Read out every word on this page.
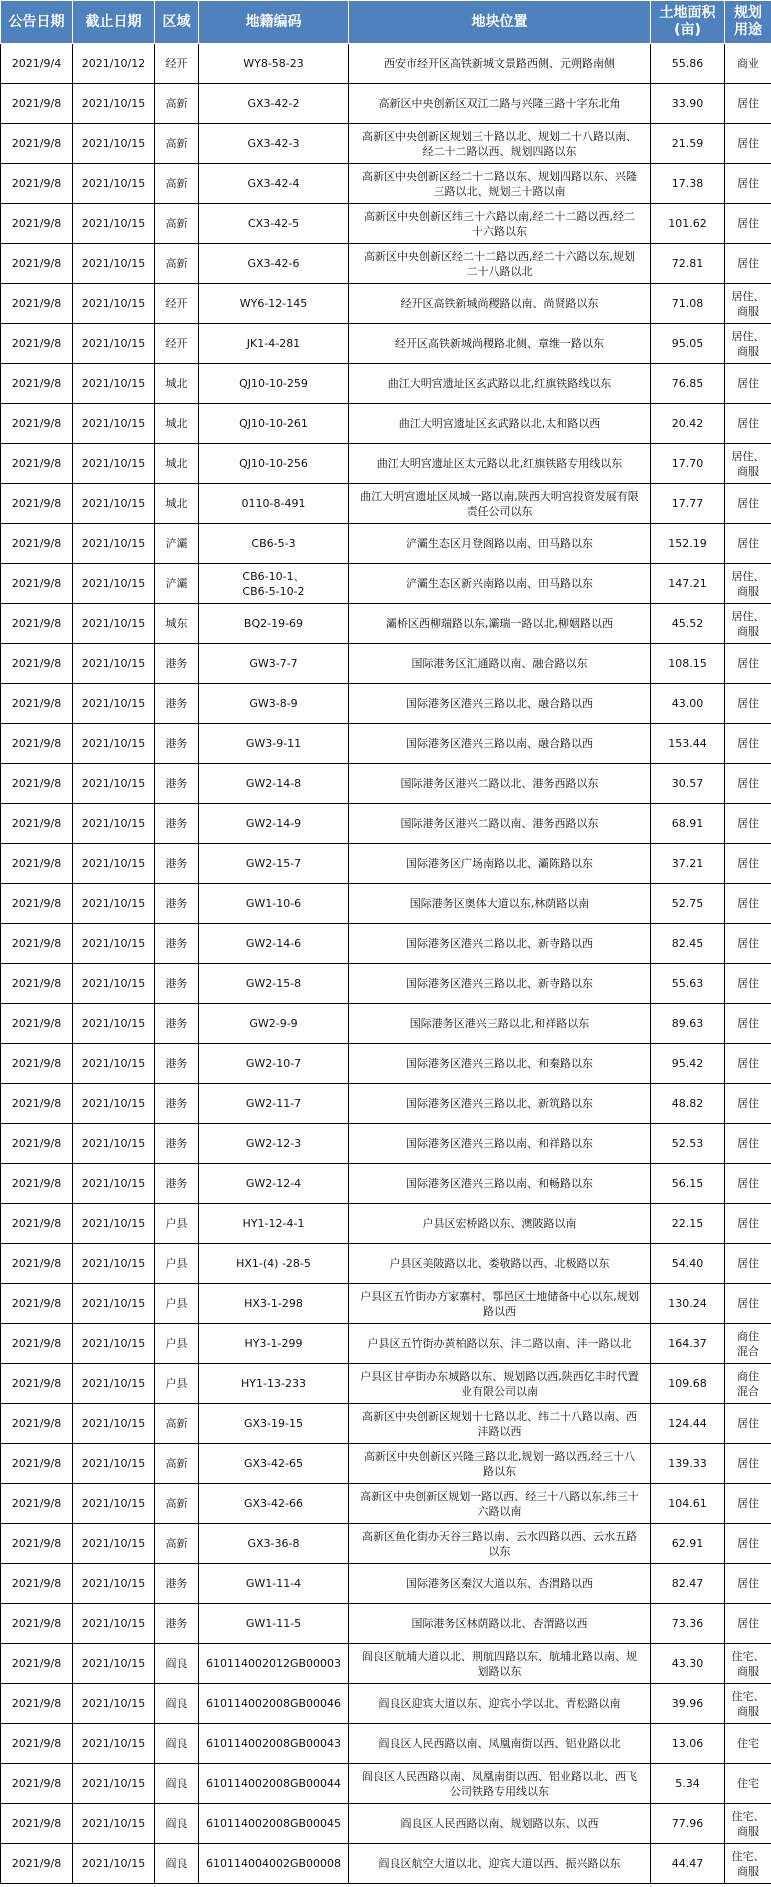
公告日期	截止日期	区域	地籍编码	地块位置	土地面积
(亩)	规划
用途
2021/9/4	2021/10/12	经开	WY8-58-23	西安市经开区高铁新城文景路西侧、元朔路南侧	55.86	商业
2021/9/8	2021/10/15	高新	GX3-42-2	高新区中央创新区双江二路与兴隆三路十字东北角	33.90	居住
2021/9/8	2021/10/15	高新	GX3-42-3	高新区中央创新区规划三十路以北、规划二十八路以南、
经二十二路以西、规划四路以东	21.59	居住
2021/9/8	2021/10/15	高新	GX3-42-4	高新区中央创新区经二十二路以东、规划四路以东、兴隆
三路以北、规划三十路以南	17.38	居住
2021/9/8	2021/10/15	高新	CX3-42-5	高新区中央创新区纬三十六路以南,经二十二路以西,经二
十六路以东	101.62	居住
2021/9/8	2021/10/15	高新	GX3-42-6	高新区中央创新区经二十二路以西,经二十六路以东,规划
二十八路以北	72.81	居住
2021/9/8	2021/10/15	经开	WY6-12-145	经开区高铁新城尚稷路以南、尚贤路以东	71.08	居住、
商服
2021/9/8	2021/10/15	经开	JK1-4-281	经开区高铁新城尚稷路北侧、章维一路以东	95.05	居住、
商服
2021/9/8	2021/10/15	城北	QJ10-10-259	曲江大明宫遗址区玄武路以北,红旗铁路线以东	76.85	居住
2021/9/8	2021/10/15	城北	QJ10-10-261	曲江大明宫遗址区玄武路以北,太和路以西	20.42	居住
2021/9/8	2021/10/15	城北	QJ10-10-256	曲江大明宫遗址区太元路以北,红旗铁路专用线以东	17.70	居住、
商服
2021/9/8	2021/10/15	城北	0110-8-491	曲江大明宫遗址区凤城一路以南,陕西大明宫投资发展有限
责任公司以东	17.77	居住
2021/9/8	2021/10/15	浐灞	CB6-5-3	浐灞生态区月登阁路以南、田马路以东	152.19	居住
2021/9/8	2021/10/15	浐灞	CB6-10-1、
CB6-5-10-2	浐灞生态区新兴南路以南、田马路以东	147.21	居住、
商服
2021/9/8	2021/10/15	城东	BQ2-19-69	灞桥区西柳瑞路以东,灞瑞一路以北,柳姻路以西	45.52	居住、
商服
2021/9/8	2021/10/15	港务	GW3-7-7	国际港务区汇通路以南、融合路以东	108.15	居住
2021/9/8	2021/10/15	港务	GW3-8-9	国际港务区港兴三路以北、融合路以西	43.00	居住
2021/9/8	2021/10/15	港务	GW3-9-11	国际港务区港兴三路以南、融合路以西	153.44	居住
2021/9/8	2021/10/15	港务	GW2-14-8	国际港务区港兴二路以北、港务西路以东	30.57	居住
2021/9/8	2021/10/15	港务	GW2-14-9	国际港务区港兴二路以南、港务西路以东	68.91	居住
2021/9/8	2021/10/15	港务	GW2-15-7	国际港务区广场南路以北、灞陈路以东	37.21	居住
2021/9/8	2021/10/15	港务	GW1-10-6	国际港务区奥体大道以东,林荫路以南	52.75	居住
2021/9/8	2021/10/15	港务	GW2-14-6	国际港务区港兴二路以北、新寺路以西	82.45	居住
2021/9/8	2021/10/15	港务	GW2-15-8	国际港务区港兴三路以北、新寺路以东	55.63	居住
2021/9/8	2021/10/15	港务	GW2-9-9	国际港务区港兴三路以北,和祥路以东	89.63	居住
2021/9/8	2021/10/15	港务	GW2-10-7	国际港务区港兴三路以北、和秦路以东	95.42	居住
2021/9/8	2021/10/15	港务	GW2-11-7	国际港务区港兴三路以北、新筑路以东	48.82	居住
2021/9/8	2021/10/15	港务	GW2-12-3	国际港务区港兴三路以南、和祥路以东	52.53	居住
2021/9/8	2021/10/15	港务	GW2-12-4	国际港务区港兴三路以南、和畅路以东	56.15	居住
2021/9/8	2021/10/15	户县	HY1-12-4-1	户县区宏桥路以东、澳陂路以南	22.15	居住
2021/9/8	2021/10/15	户县	HX1-(4) -28-5	户县区美陂路以北、娄敬路以西、北极路以东	54.40	居住
2021/9/8	2021/10/15	户县	HX3-1-298	户县区五竹街办方家寨村、鄠邑区土地储备中心以东,规划
路以西	130.24	居住
2021/9/8	2021/10/15	户县	HY3-1-299	户县区五竹街办黄柏路以东、沣二路以南、沣一路以北	164.37	商住
混合
2021/9/8	2021/10/15	户县	HY1-13-233	户县区甘亭街办东城路以东、规划路以西,陕西亿丰时代置
业有限公司以南	109.68	商住
混合
2021/9/8	2021/10/15	高新	GX3-19-15	高新区中央创新区规划十七路以北、纬二十八路以南、西
沣路以西	124.44	居住
2021/9/8	2021/10/15	高新	GX3-42-65	高新区中央创新区兴隆三路以北,规划一路以西,经三十八
路以东	139.33	居住
2021/9/8	2021/10/15	高新	GX3-42-66	高新区中央创新区规划一路以西、经三十八路以东,纬三十
六路以南	104.61	居住
2021/9/8	2021/10/15	高新	GX3-36-8	高新区鱼化街办天谷三路以南、云水四路以西、云水五路
以东	62.91	居住
2021/9/8	2021/10/15	港务	GW1-11-4	国际港务区秦汉大道以东、杏渭路以西	82.47	居住
2021/9/8	2021/10/15	港务	GW1-11-5	国际港务区林荫路以北、杏渭路以西	73.36	居住
2021/9/8	2021/10/15	阎良	610114002012GB00003	阎良区航埔大道以北、荆航四路以东、航埔北路以南、规
划路以东	43.30	住宅、
商服
2021/9/8	2021/10/15	阎良	610114002008GB00046	阎良区迎宾大道以东、迎宾小学以北、青松路以南	39.96	住宅、
商服
2021/9/8	2021/10/15	阎良	610114002008GB00043	阎良区人民西路以南、凤凰南街以西、铝业路以北	13.06	住宅
2021/9/8	2021/10/15	阎良	610114002008GB00044	阎良区人民西路以南、凤凰南街以西、铝业路以北、西飞
公司铁路专用线以东	5.34	住宅
2021/9/8	2021/10/15	阎良	610114002008GB00045	阎良区人民西路以南、规划路以东、以西	77.96	住宅、
商服
2021/9/8	2021/10/15	阎良	610114004002GB00008	阎良区航空大道以北、迎宾大道以西、振兴路以东	44.47	住宅、
商服
